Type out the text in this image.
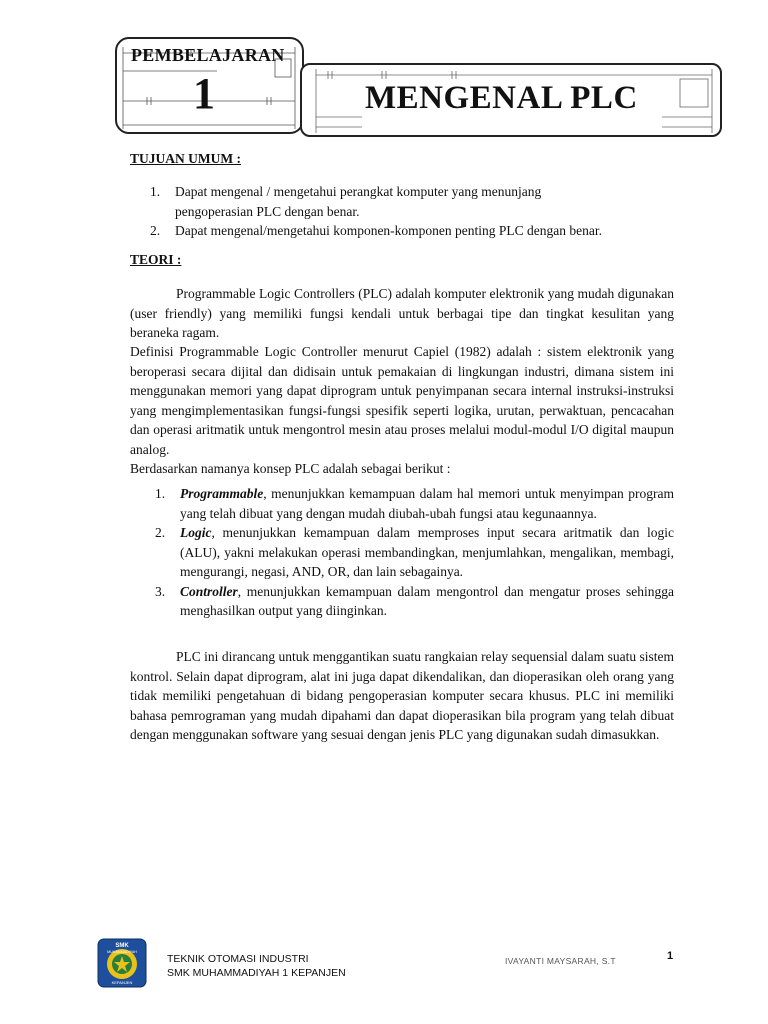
PEMBELAJARAN
1	MENGENAL PLC
TUJUAN UMUM :
1. Dapat mengenal / mengetahui perangkat komputer yang menunjang
pengoperasian PLC dengan benar.
2. Dapat mengenal/mengetahui komponen-komponen penting PLC dengan benar.
TEORI :
Programmable Logic Controllers (PLC) adalah komputer elektronik yang mudah digunakan (user friendly) yang memiliki fungsi kendali untuk berbagai tipe dan tingkat kesulitan yang beraneka ragam.
Definisi Programmable Logic Controller menurut Capiel (1982) adalah : sistem elektronik yang beroperasi secara dijital dan didisain untuk pemakaian di lingkungan industri, dimana sistem ini menggunakan memori yang dapat diprogram untuk penyimpanan secara internal instruksi-instruksi yang mengimplementasikan fungsi-fungsi spesifik seperti logika, urutan, perwaktuan, pencacahan dan operasi aritmatik untuk mengontrol mesin atau proses melalui modul-modul I/O digital maupun analog.
Berdasarkan namanya konsep PLC adalah sebagai berikut :
1. Programmable, menunjukkan kemampuan dalam hal memori untuk menyimpan program yang telah dibuat yang dengan mudah diubah-ubah fungsi atau kegunaannya.
2. Logic, menunjukkan kemampuan dalam memproses input secara aritmatik dan logic (ALU), yakni melakukan operasi membandingkan, menjumlahkan, mengalikan, membagi, mengurangi, negasi, AND, OR, dan lain sebagainya.
3. Controller, menunjukkan kemampuan dalam mengontrol dan mengatur proses sehingga menghasilkan output yang diinginkan.
PLC ini dirancang untuk menggantikan suatu rangkaian relay sequensial dalam suatu sistem kontrol. Selain dapat diprogram, alat ini juga dapat dikendalikan, dan dioperasikan oleh orang yang tidak memiliki pengetahuan di bidang pengoperasian komputer secara khusus. PLC ini memiliki bahasa pemrograman yang mudah dipahami dan dapat dioperasikan bila program yang telah dibuat dengan menggunakan software yang sesuai dengan jenis PLC yang digunakan sudah dimasukkan.
SMK
MUHAMMADIYAH
KEPANJEN
TEKNIK OTOMASI INDUSTRI
SMK MUHAMMADIYAH 1 KEPANJEN
IVAYANTI MAYSARAH, S.T	1
